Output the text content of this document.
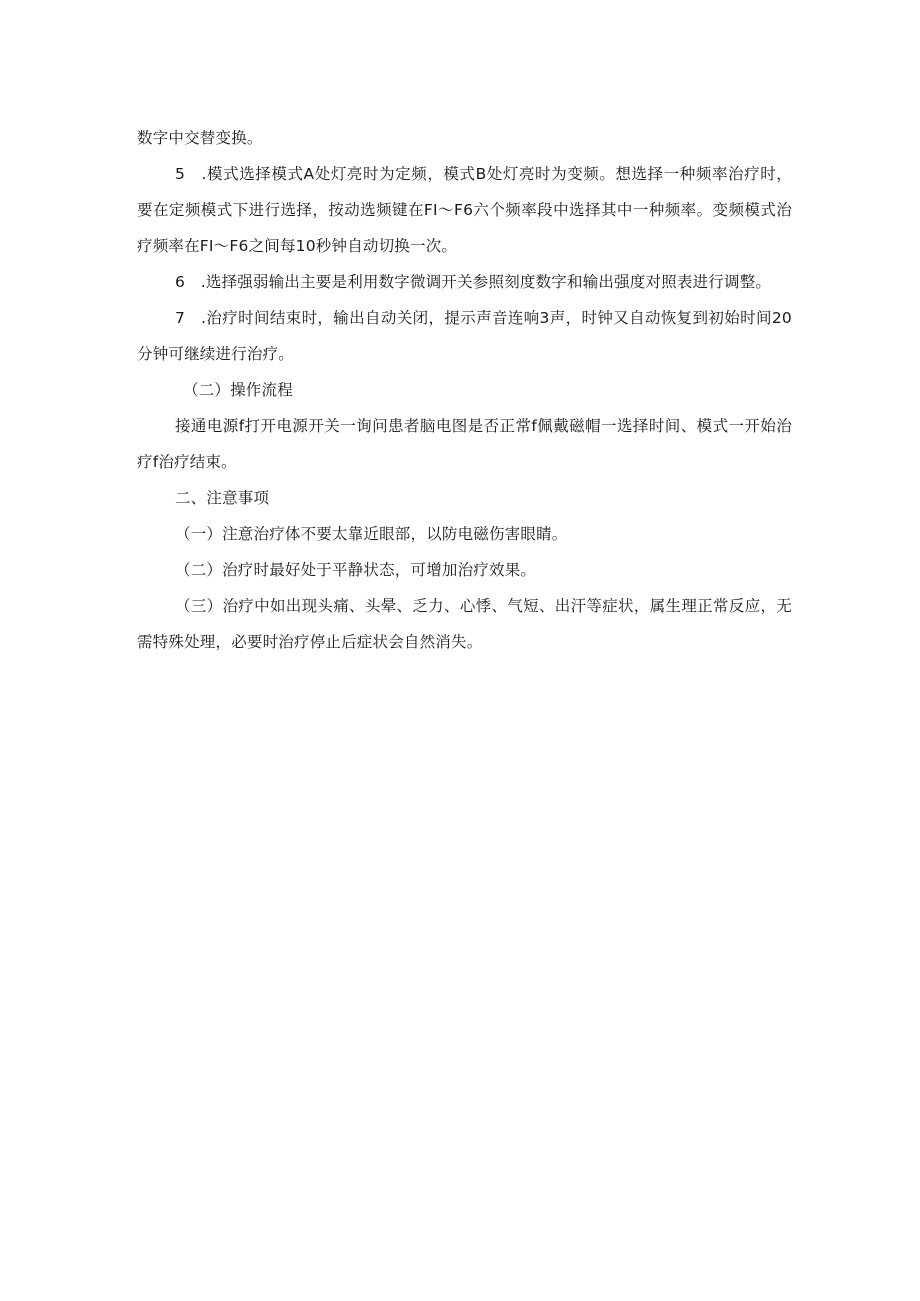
数字中交替变换。

5　.模式选择模式A处灯亮时为定频，模式B处灯亮时为变频。想选择一种频率治疗时，要在定频模式下进行选择，按动选频键在FI～F6六个频率段中选择其中一种频率。变频模式治疗频率在FI～F6之间每10秒钟自动切换一次。

6　.选择强弱输出主要是利用数字微调开关参照刻度数字和输出强度对照表进行调整。

7　.治疗时间结束时，输出自动关闭，提示声音连响3声，时钟又自动恢复到初始时间20分钟可继续进行治疗。

（二）操作流程

接通电源f打开电源开关一询问患者脑电图是否正常f佩戴磁帽一选择时间、模式一开始治疗f治疗结束。

二、注意事项

（一）注意治疗体不要太靠近眼部，以防电磁伤害眼睛。

（二）治疗时最好处于平静状态，可增加治疗效果。

（三）治疗中如出现头痛、头晕、乏力、心悸、气短、出汗等症状，属生理正常反应，无需特殊处理，必要时治疗停止后症状会自然消失。
